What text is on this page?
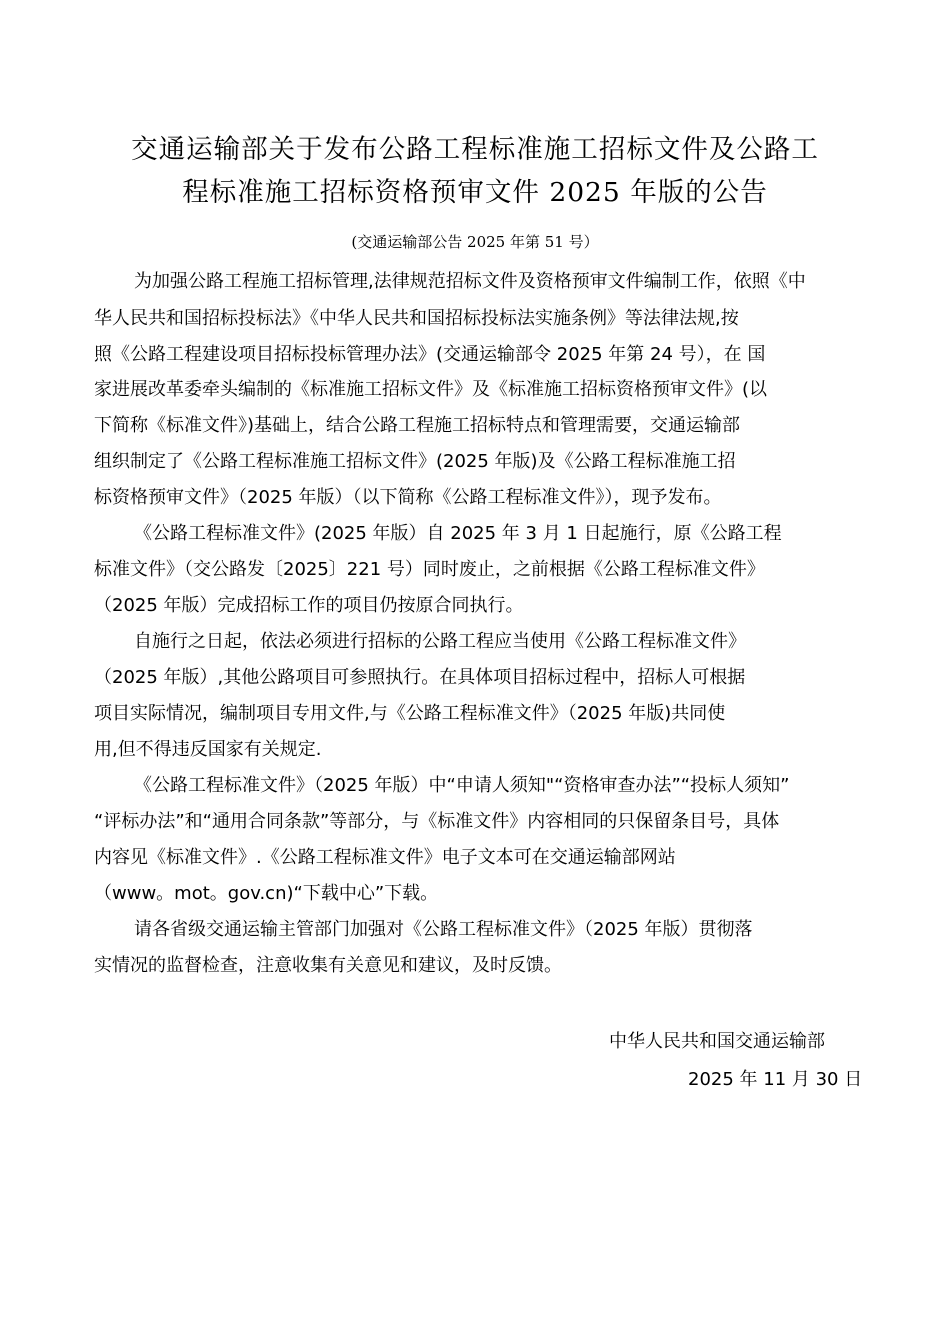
交通运输部关于发布公路工程标准施工招标文件及公路工
程标准施工招标资格预审文件 2025 年版的公告
(交通运输部公告 2025 年第 51 号）
为加强公路工程施工招标管理,法律规范招标文件及资格预审文件编制工作，依照《中
华人民共和国招标投标法》《中华人民共和国招标投标法实施条例》等法律法规,按
照《公路工程建设项目招标投标管理办法》(交通运输部令 2025 年第 24 号），在 国
家进展改革委牵头编制的《标准施工招标文件》及《标准施工招标资格预审文件》(以
下简称《标准文件》)基础上，结合公路工程施工招标特点和管理需要，交通运输部
组织制定了《公路工程标准施工招标文件》(2025 年版)及《公路工程标准施工招
标资格预审文件》（2025 年版）（以下简称《公路工程标准文件》），现予发布。
《公路工程标准文件》(2025 年版）自 2025 年 3 月 1 日起施行，原《公路工程
标准文件》（交公路发〔2025〕221 号）同时废止，之前根据《公路工程标准文件》
（2025 年版）完成招标工作的项目仍按原合同执行。
自施行之日起，依法必须进行招标的公路工程应当使用《公路工程标准文件》
（2025 年版）,其他公路项目可参照执行。在具体项目招标过程中，招标人可根据
项目实际情况，编制项目专用文件,与《公路工程标准文件》（2025 年版)共同使
用,但不得违反国家有关规定.
《公路工程标准文件》（2025 年版）中“申请人须知"“资格审查办法”“投标人须知”
“评标办法”和“通用合同条款”等部分，与《标准文件》内容相同的只保留条目号，具体
内容见《标准文件》.《公路工程标准文件》电子文本可在交通运输部网站
（www。mot。gov.cn)“下载中心”下载。
请各省级交通运输主管部门加强对《公路工程标准文件》（2025 年版）贯彻落
实情况的监督检查，注意收集有关意见和建议，及时反馈。
中华人民共和国交通运输部
2025 年 11 月 30 日
